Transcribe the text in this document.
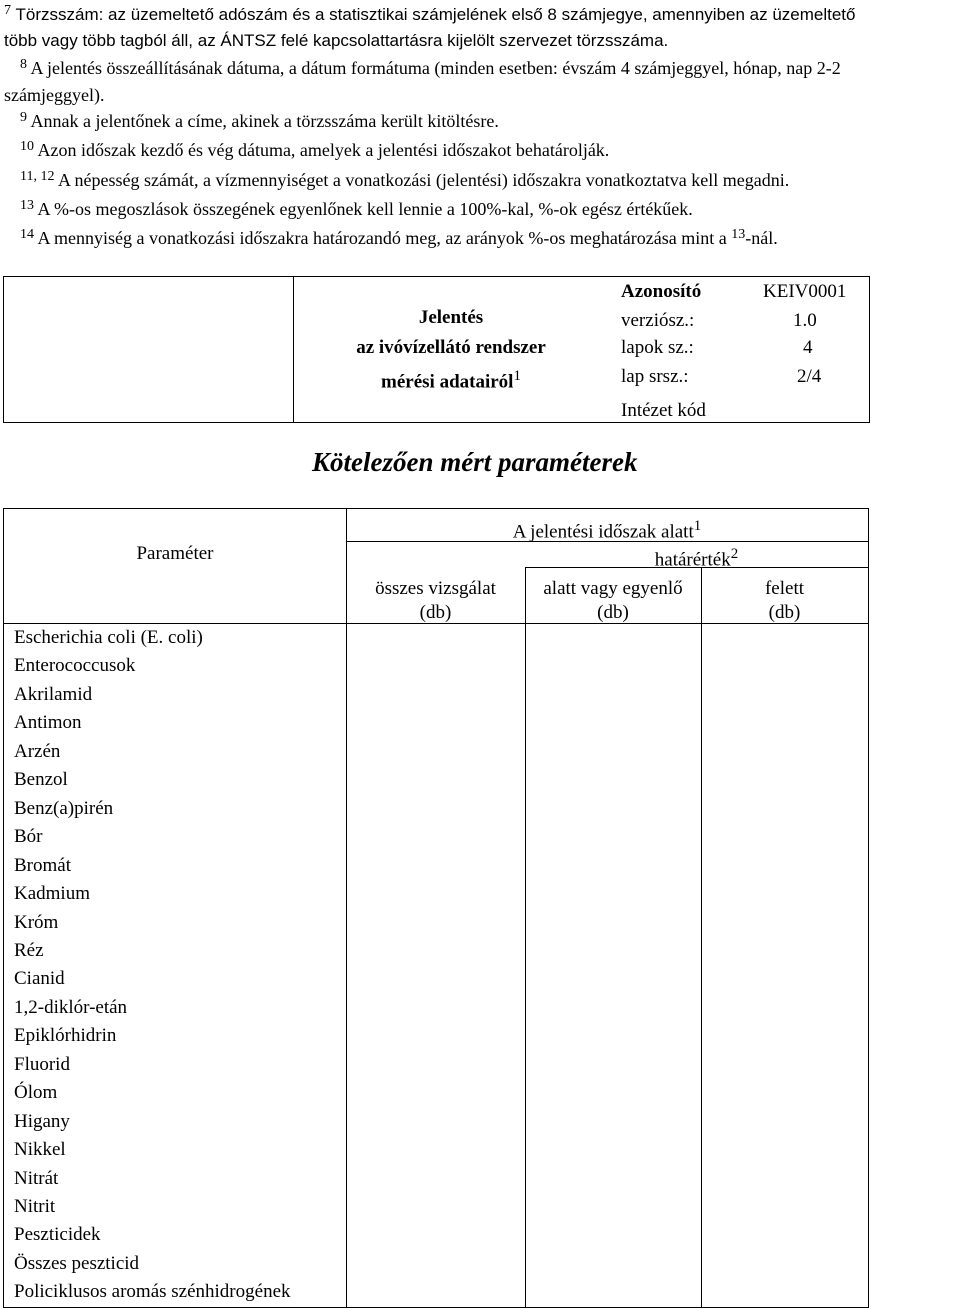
$^7$ Törzsszám: az üzemeltető adószám és a statisztikai számjelének első 8 számjegye, amennyiben az üzemeltető
több vagy több tagból áll, az ÁNTSZ felé kapcsolattartásra kijelölt szervezet törzsszáma.
$^8$ A jelentés összeállításának dátuma, a dátum formátuma (minden esetben: évszám 4 számjeggyel, hónap, nap 2-2
számjeggyel).
$^9$ Annak a jelentőnek a címe, akinek a törzsszáma került kitöltésre.
$^{10}$ Azon időszak kezdő és vég dátuma, amelyek a jelentési időszakot behatárolják.
$^{11, 12}$ A népesség számát, a vízmennyiséget a vonatkozási (jelentési) időszakra vonatkoztatva kell megadni.
$^{13}$ A %-os megoszlások összegének egyenlőnek kell lennie a 100%-kal, %-ok egész értékűek.
$^{14}$ A mennyiség a vonatkozási időszakra határozandó meg, az arányok %-os meghatározása mint a $^{13}$-nál.
Jelentés
az ivóvízellátó rendszer
mérési adatairól$^1$
Azonosító	KEIV0001
verziósz.:	1.0
lapok sz.:	4
lap srsz.:	2/4
Intézet kód
Kötelezően mért paraméterek
Paraméter
A jelentési időszak alatt$^1$
határérték$^2$
összes vizsgálat
(db)
alatt vagy egyenlő
(db)
felett
(db)
Escherichia coli (E. coli)
Enterococcusok
Akrilamid
Antimon
Arzén
Benzol
Benz(a)pirén
Bór
Bromát
Kadmium
Króm
Réz
Cianid
1,2-diklór-etán
Epiklórhidrin
Fluorid
Ólom
Higany
Nikkel
Nitrát
Nitrit
Peszticidek
Összes peszticid
Policiklusos aromás szénhidrogének
